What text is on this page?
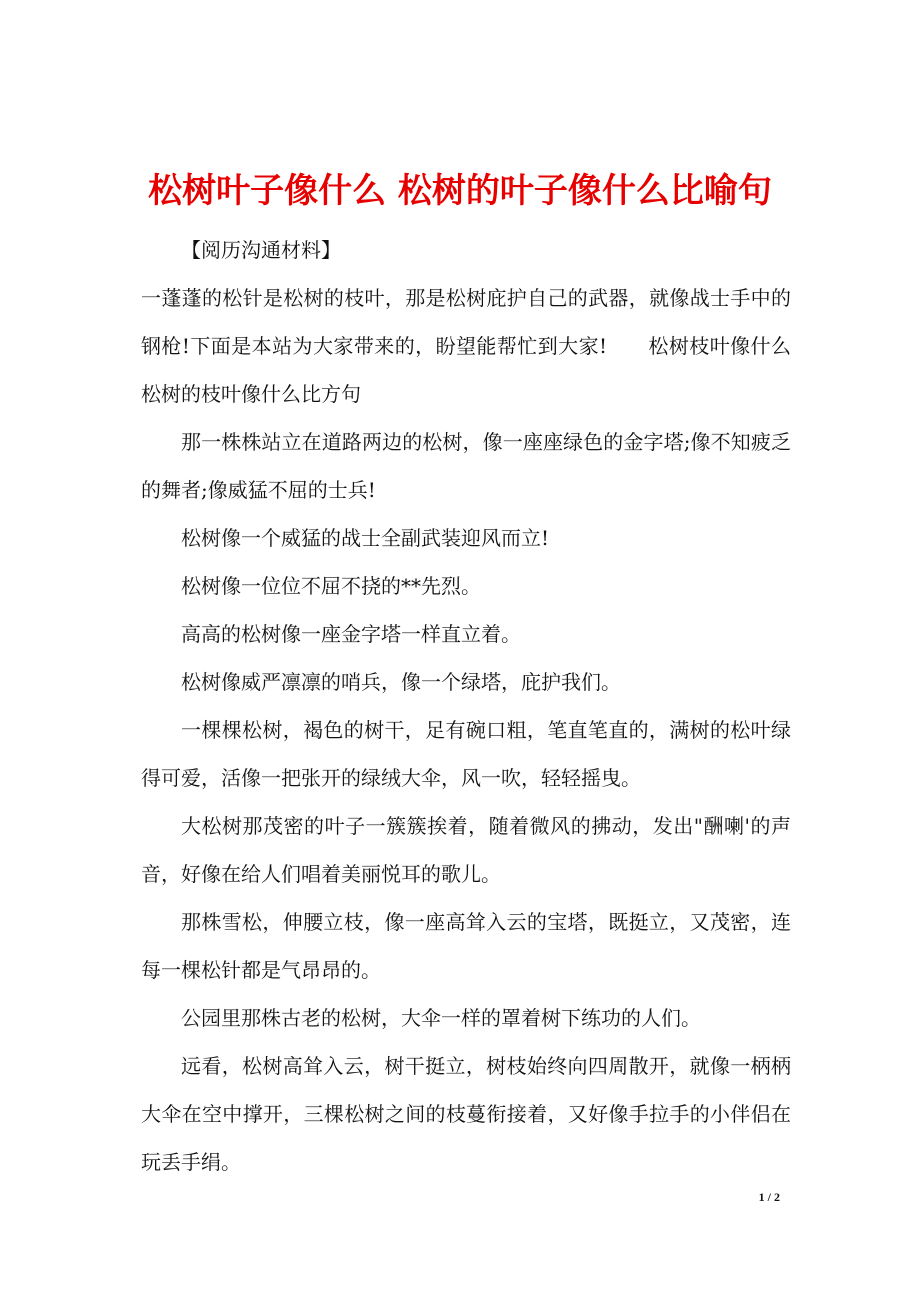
松树叶子像什么 松树的叶子像什么比喻句

【阅历沟通材料】

一蓬蓬的松针是松树的枝叶，那是松树庇护自己的武器，就像战士手中的钢枪!下面是本站为大家带来的，盼望能帮忙到大家!　　松树枝叶像什么 松树的枝叶像什么比方句

那一株株站立在道路两边的松树，像一座座绿色的金字塔;像不知疲乏的舞者;像威猛不屈的士兵!

松树像一个威猛的战士全副武装迎风而立!

松树像一位位不屈不挠的**先烈。

高高的松树像一座金字塔一样直立着。

松树像威严凛凛的哨兵，像一个绿塔，庇护我们。

一棵棵松树，褐色的树干，足有碗口粗，笔直笔直的，满树的松叶绿得可爱，活像一把张开的绿绒大伞，风一吹，轻轻摇曳。

大松树那茂密的叶子一簇簇挨着，随着微风的拂动，发出"酬喇'的声音，好像在给人们唱着美丽悦耳的歌儿。

那株雪松，伸腰立枝，像一座高耸入云的宝塔，既挺立，又茂密，连每一棵松针都是气昂昂的。

公园里那株古老的松树，大伞一样的罩着树下练功的人们。

远看，松树高耸入云，树干挺立，树枝始终向四周散开，就像一柄柄大伞在空中撑开，三棵松树之间的枝蔓衔接着，又好像手拉手的小伴侣在玩丢手绢。

1 / 2
